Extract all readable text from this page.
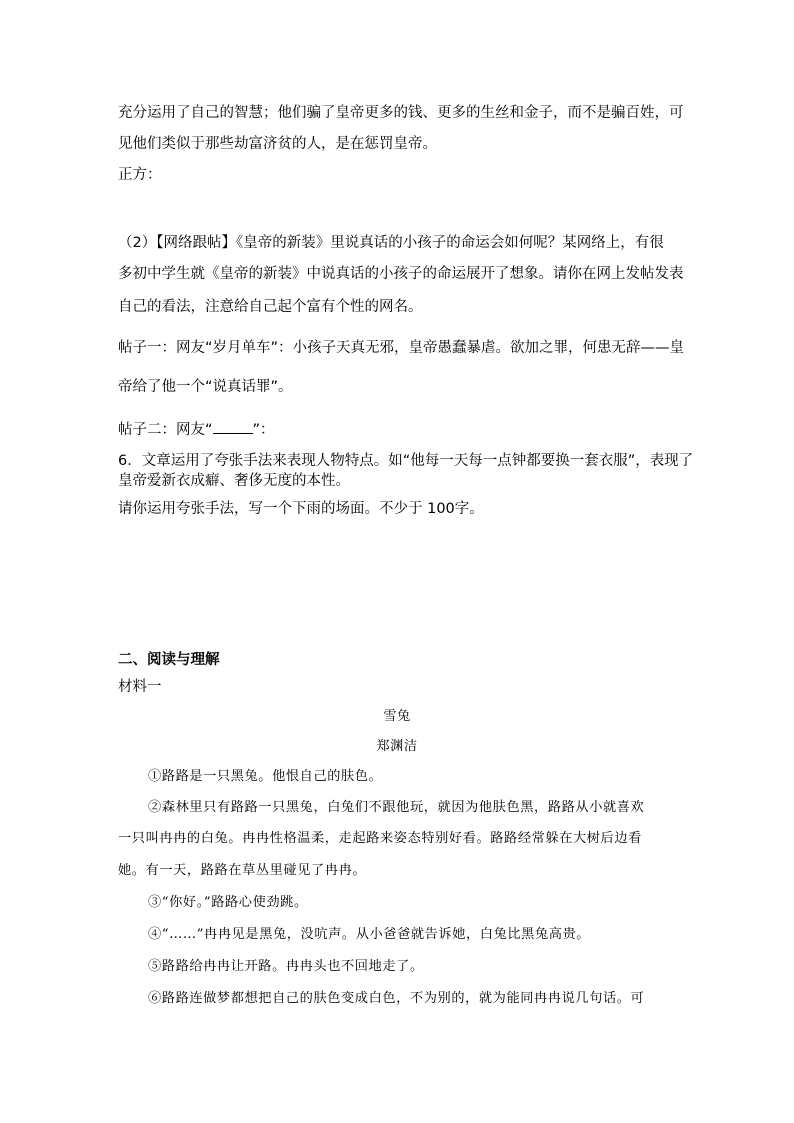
充分运用了自己的智慧；他们骗了皇帝更多的钱、更多的生丝和金子，而不是骗百姓，可
见他们类似于那些劫富济贫的人，是在惩罚皇帝。
正方：
（2）【网络跟帖】《皇帝的新装》里说真话的小孩子的命运会如何呢？某网络上，有很
多初中学生就《皇帝的新装》中说真话的小孩子的命运展开了想象。请你在网上发帖发表
自己的看法，注意给自己起个富有个性的网名。
帖子一：网友“岁月单车”：小孩子天真无邪，皇帝愚蠢暴虐。欲加之罪，何患无辞——皇
帝给了他一个“说真话罪”。
帖子二：网友“	”：
6．文章运用了夸张手法来表现人物特点。如“他每一天每一点钟都要换一套衣服”，表现了
皇帝爱新衣成癖、奢侈无度的本性。
请你运用夸张手法，写一个下雨的场面。不少于 100字。
二、阅读与理解
材料一
雪兔
郑渊洁
①路路是一只黑兔。他恨自己的肤色。
②森林里只有路路一只黑兔，白兔们不跟他玩，就因为他肤色黑，路路从小就喜欢
一只叫冉冉的白兔。冉冉性格温柔，走起路来姿态特别好看。路路经常躲在大树后边看
她。有一天，路路在草丛里碰见了冉冉。
③“你好。”路路心使劲跳。
④“……”冉冉见是黑兔，没吭声。从小爸爸就告诉她，白兔比黑兔高贵。
⑤路路给冉冉让开路。冉冉头也不回地走了。
⑥路路连做梦都想把自己的肤色变成白色，不为别的，就为能同冉冉说几句话。可
